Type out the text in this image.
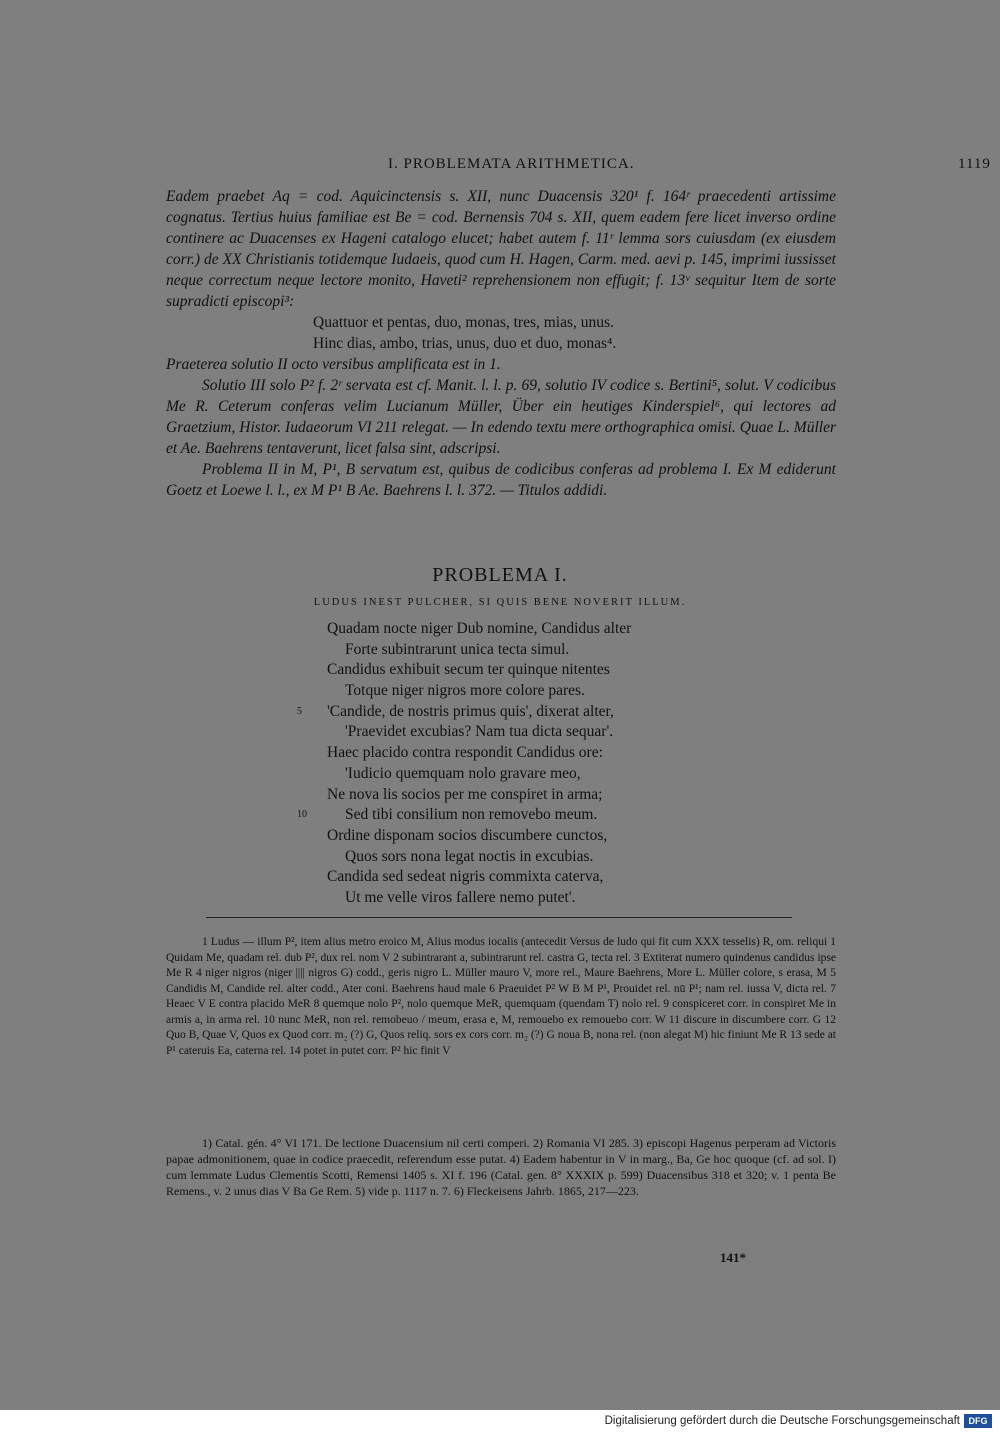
I. PROBLEMATA ARITHMETICA.	1119

Eadem praebet Aq = cod. Aquicinctensis s. XII, nunc Duacensis 320¹ f. 164ʳ praecedenti artissime cognatus. Tertius huius familiae est Be = cod. Bernensis 704 s. XII, quem eadem fere licet inverso ordine continere ac Duacenses ex Hageni catalogo elucet; habet autem f. 11ʳ lemma sors cuiusdam (ex eiusdem corr.) de XX Christianis totidemque Iudaeis, quod cum H. Hagen, Carm. med. aevi p. 145, imprimi iussisset neque correctum neque lectore monito, Haveti² reprehensionem non effugit; f. 13ᵛ sequitur Item de sorte supradicti episcopi³:

Quattuor et pentas, duo, monas, tres, mias, unus.
Hinc dias, ambo, trias, unus, duo et duo, monas⁴.

Praeterea solutio II octo versibus amplificata est in 1.

Solutio III solo P² f. 2ʳ servata est cf. Manit. l. l. p. 69, solutio IV codice s. Bertini⁵, solut. V codicibus Me R. Ceterum conferas velim Lucianum Müller, Über ein heutiges Kinderspiel⁶, qui lectores ad Graetzium, Histor. Iudaeorum VI 211 relegat. — In edendo textu mere orthographica omisi. Quae L. Müller et Ae. Baehrens tentaverunt, licet falsa sint, adscripsi.

Problema II in M, P¹, B servatum est, quibus de codicibus conferas ad problema I. Ex M ediderunt Goetz et Loewe l. l., ex M P¹ B Ae. Baehrens l. l. 372. — Titulos addidi.

PROBLEMA I.
LUDUS INEST PULCHER, SI QUIS BENE NOVERIT ILLUM.
Quadam nocte niger Dub nomine, Candidus alter
Forte subintrarunt unica tecta simul.
Candidus exhibuit secum ter quinque nitentes
Totque niger nigros more colore pares.
5 'Candide, de nostris primus quis', dixerat alter,
'Praevidet excubias? Nam tua dicta sequar'.
Haec placido contra respondit Candidus ore:
'Iudicio quemquam nolo gravare meo,
Ne nova lis socios per me conspiret in arma;
10 Sed tibi consilium non removebo meum.
Ordine disponam socios discumbere cunctos,
Quos sors nona legat noctis in excubias.
Candida sed sedeat nigris commixta caterva,
Ut me velle viros fallere nemo putet'.

1 Ludus — illum P², item alius metro eroico M, Alius modus iocalis (antecedit Versus de ludo qui fit cum XXX tesselis) R, om. reliqui 1 Quidam Me, quadam rel. dub P², dux rel. nom V 2 subintrarant a, subintrarunt rel. castra G, tecta rel. 3 Extiterat numero quindenus candidus ipse Me R 4 niger nigros (niger |||| nigros G) codd., geris nigro L. Müller mauro V, more rel., Maure Baehrens, More L. Müller colore, s erasa, M 5 Candidis M, Candide rel. alter codd., Ater coni. Baehrens haud male 6 Praeuidet P² W B M P¹, Prouidet rel. nū P¹; nam rel. iussa V, dicta rel. 7 Heaec V E contra placido MeR 8 quemque nolo P², nolo quemque MeR, quemquam (quendam T) nolo rel. 9 conspiceret corr. in conspiret Me in armis a, in arma rel. 10 nunc MeR, non rel. remobeuo / meum, erasa e, M, remouebo ex remouebo corr. W 11 discure in discumbere corr. G 12 Quo B, Quae V, Quos ex Quod corr. m₂ (?) G, Quos reliq. sors ex cors corr. m₂ (?) G noua B, nona rel. (non alegat M) hic finiunt Me R 13 sede at P¹ cateruis Ea, caterna rel. 14 potet in putet corr. P² hic finit V

1) Catal. gén. 4° VI 171. De lectione Duacensium nil certi comperi. 2) Romania VI 285. 3) episcopi Hagenus perperam ad Victoris papae admonitionem, quae in codice praecedit, referendum esse putat. 4) Eadem habentur in V in marg., Ba, Ge hoc quoque (cf. ad sol. I) cum lemmate Ludus Clementis Scotti, Remensi 1405 s. XI f. 196 (Catal. gen. 8° XXXIX p. 599) Duacensibus 318 et 320; v. 1 penta Be Remens., v. 2 unus dias V Ba Ge Rem. 5) vide p. 1117 n. 7. 6) Fleckeisens Jahrb. 1865, 217—223.

141*
Digitalisierung gefördert durch die Deutsche Forschungsgemeinschaft DFG
